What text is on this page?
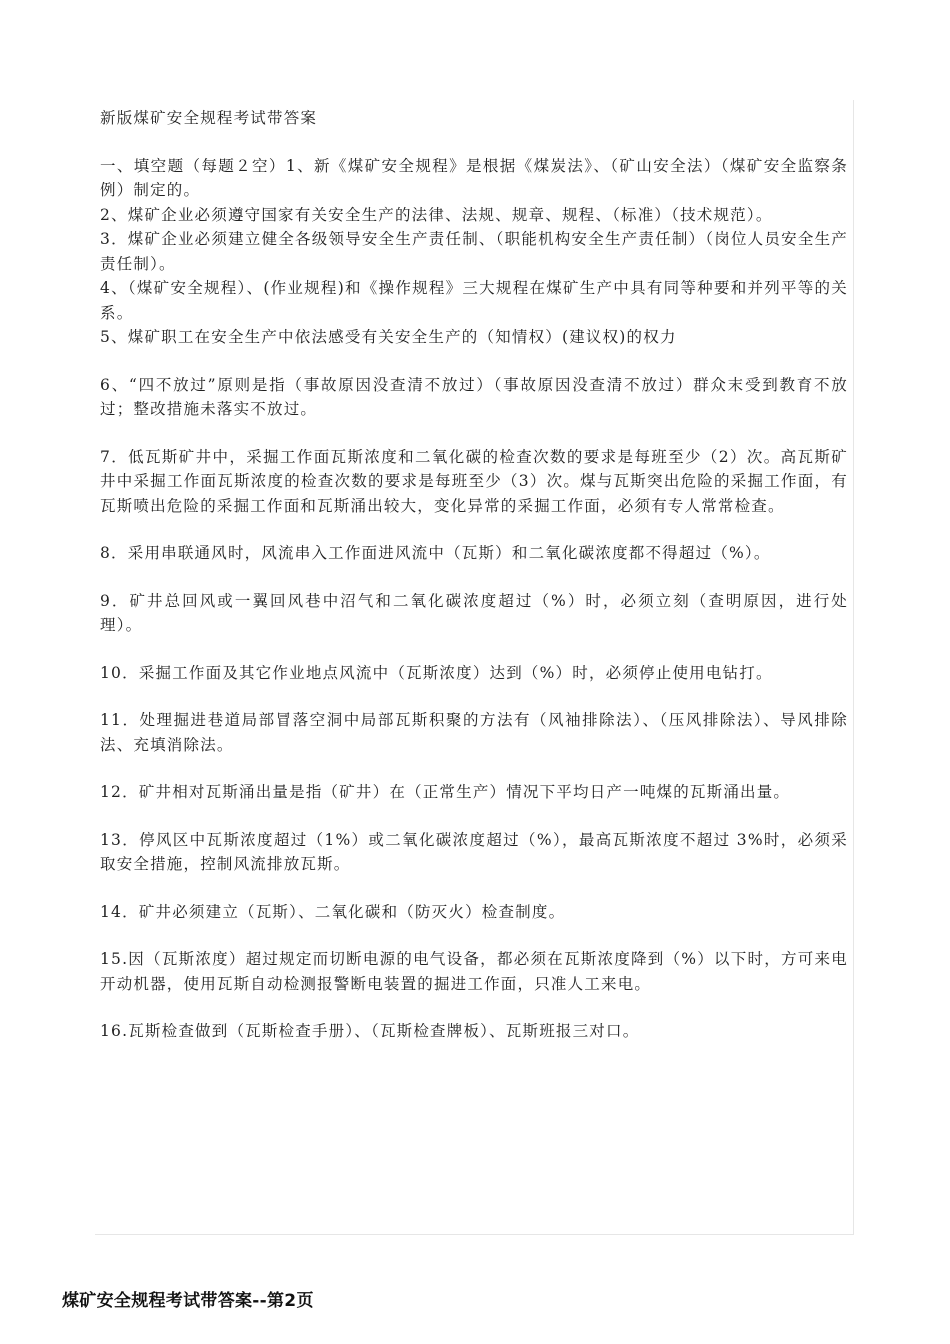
新版煤矿安全规程考试带答案

一、填空题（每题２空）1、新《煤矿安全规程》是根据《煤炭法》、（矿山安全法）（煤矿安全监察条例）制定的。

2、煤矿企业必须遵守国家有关安全生产的法律、法规、规章、规程、（标准）（技术规范）。

3．煤矿企业必须建立健全各级领导安全生产责任制、（职能机构安全生产责任制）（岗位人员安全生产责任制）。

4、（煤矿安全规程）、(作业规程)和《操作规程》三大规程在煤矿生产中具有同等种要和并列平等的关系。

5、煤矿职工在安全生产中依法感受有关安全生产的（知情权）(建议权)的权力

6、“四不放过”原则是指（事故原因没查清不放过）（事故原因没查清不放过）群众末受到教育不放过；整改措施未落实不放过。

7．低瓦斯矿井中，采掘工作面瓦斯浓度和二氧化碳的检查次数的要求是每班至少（2）次。高瓦斯矿井中采掘工作面瓦斯浓度的检查次数的要求是每班至少（3）次。煤与瓦斯突出危险的采掘工作面，有瓦斯喷出危险的采掘工作面和瓦斯涌出较大，变化异常的采掘工作面，必须有专人常常检查。

8．采用串联通风时，风流串入工作面进风流中（瓦斯）和二氧化碳浓度都不得超过（%）。

9．矿井总回风或一翼回风巷中沼气和二氧化碳浓度超过（%）时，必须立刻（查明原因，进行处理）。

10．采掘工作面及其它作业地点风流中（瓦斯浓度）达到（%）时，必须停止使用电钻打。

11．处理掘进巷道局部冒落空洞中局部瓦斯积聚的方法有（风袖排除法）、（压风排除法）、导风排除法、充填消除法。

12．矿井相对瓦斯涌出量是指（矿井）在（正常生产）情况下平均日产一吨煤的瓦斯涌出量。

13．停风区中瓦斯浓度超过（1%）或二氧化碳浓度超过（%），最高瓦斯浓度不超过 3%时，必须采取安全措施，控制风流排放瓦斯。

14．矿井必须建立（瓦斯）、二氧化碳和（防灭火）检查制度。

15.因（瓦斯浓度）超过规定而切断电源的电气设备，都必须在瓦斯浓度降到（%）以下时，方可来电开动机器，使用瓦斯自动检测报警断电装置的掘进工作面，只准人工来电。

16.瓦斯检查做到（瓦斯检查手册）、（瓦斯检查牌板）、瓦斯班报三对口。

煤矿安全规程考试带答案--第2页
